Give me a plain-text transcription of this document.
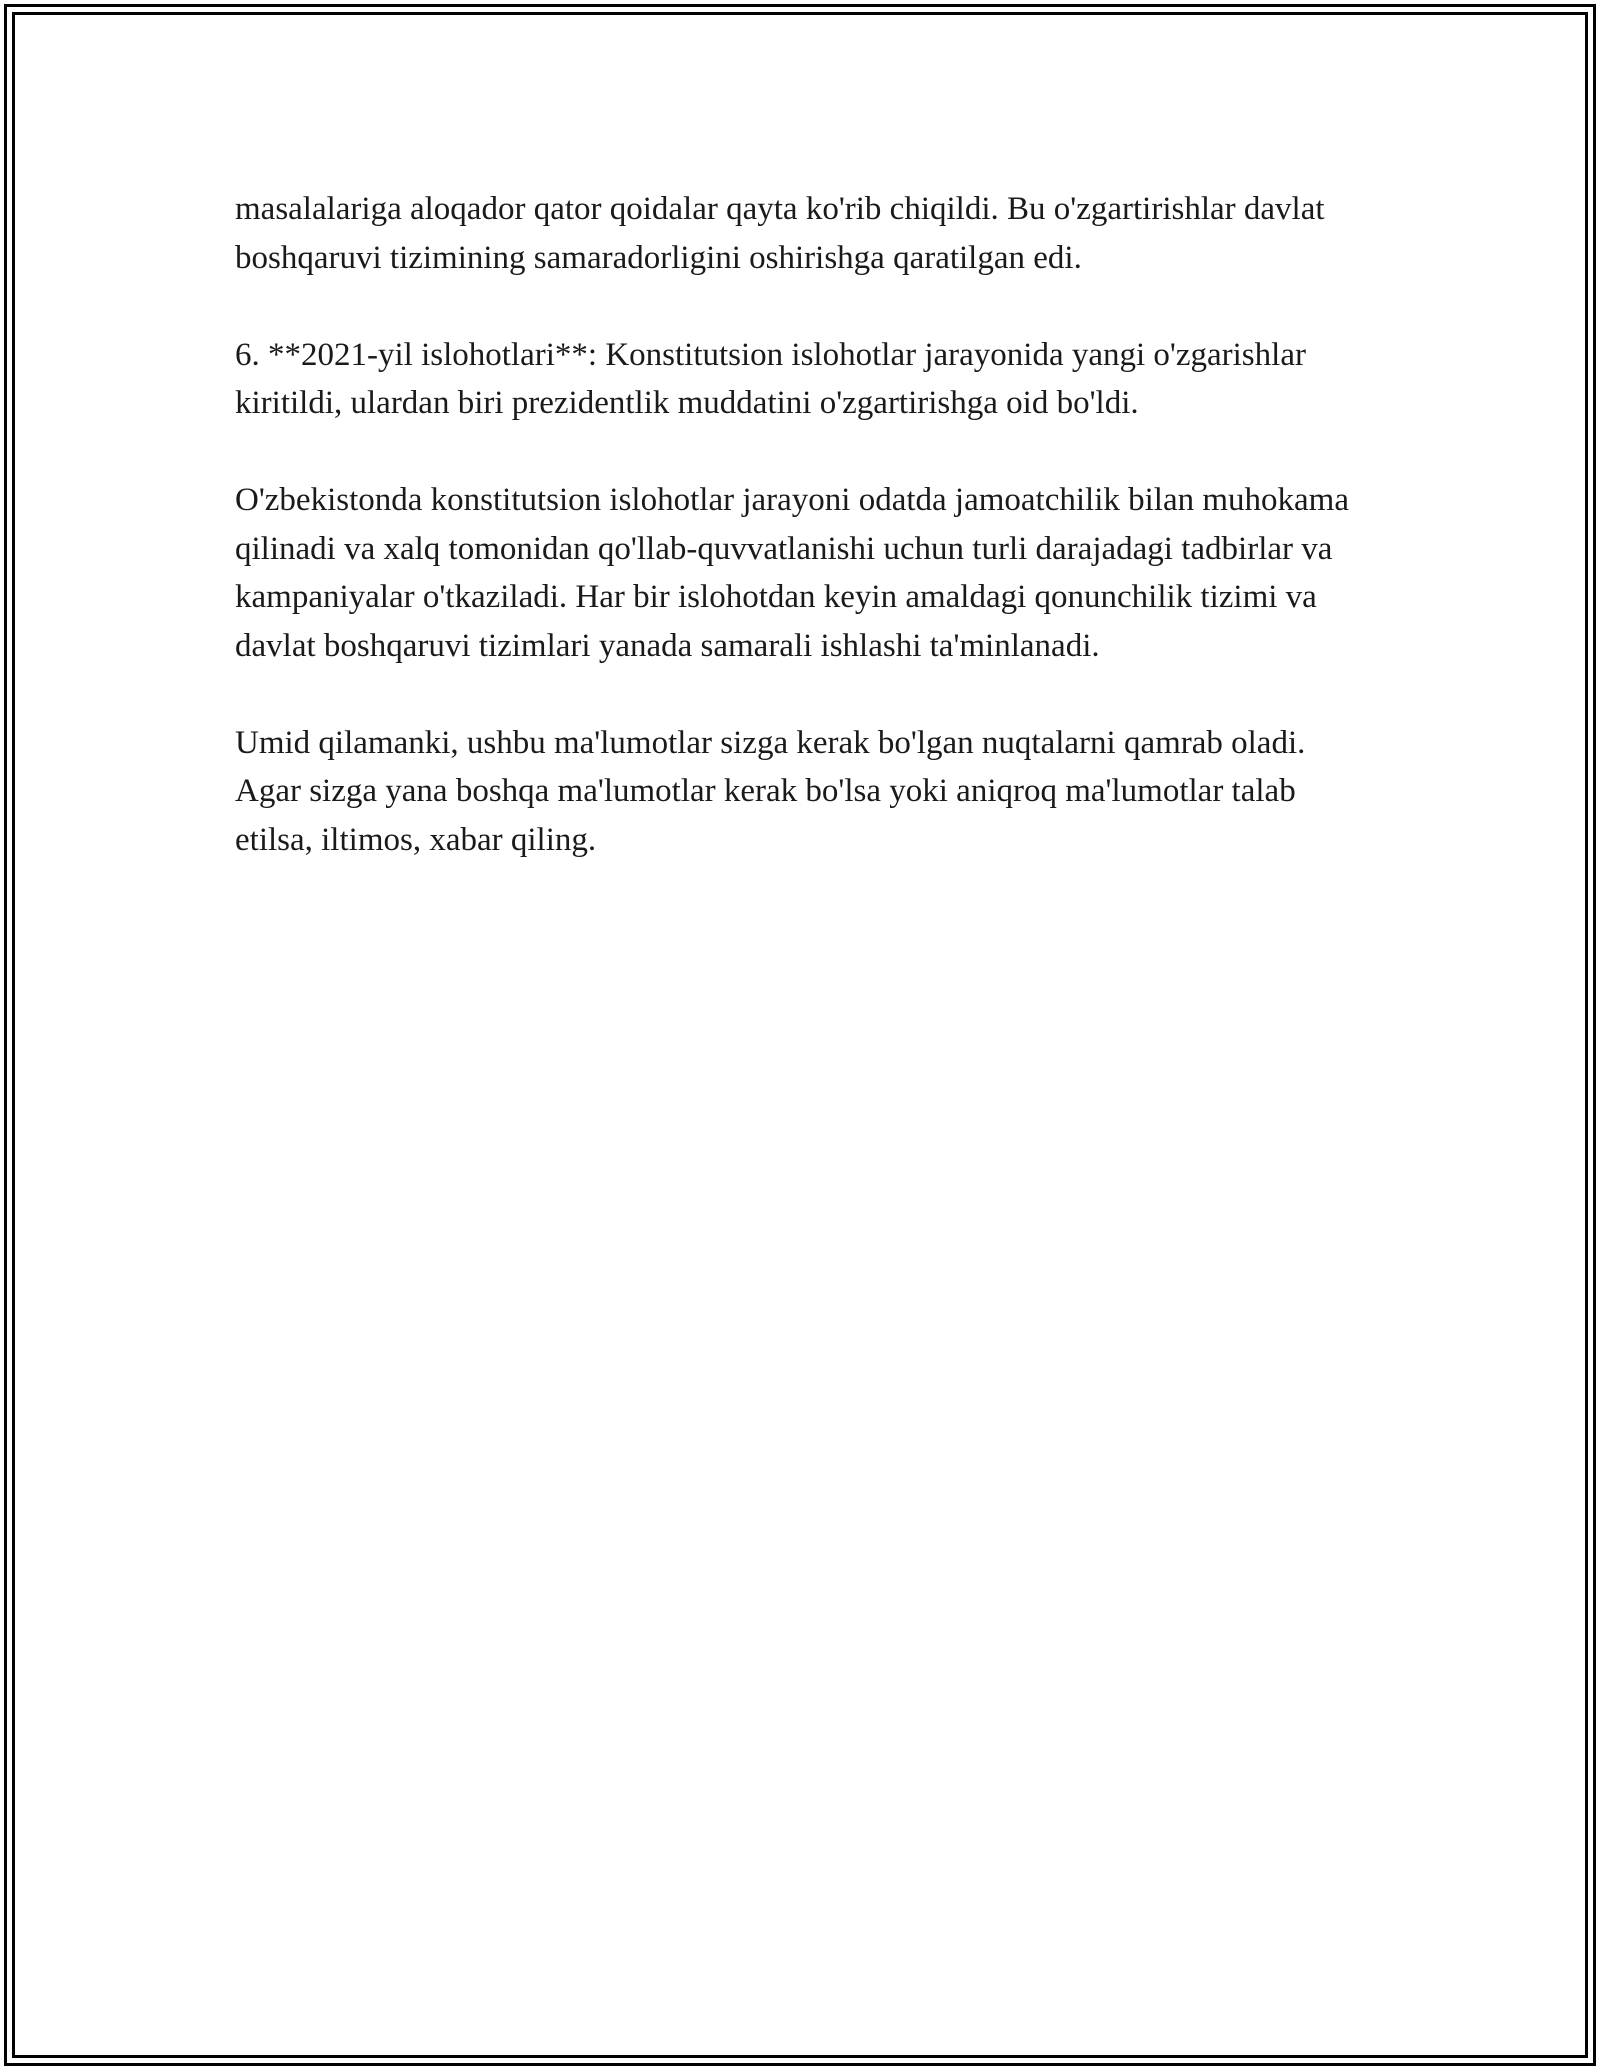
masalalariga aloqador qator qoidalar qayta ko'rib chiqildi. Bu o'zgartirishlar davlat boshqaruvi tizimining samaradorligini oshirishga qaratilgan edi.

6. **2021-yil islohotlari**: Konstitutsion islohotlar jarayonida yangi o'zgarishlar kiritildi, ulardan biri prezidentlik muddatini o'zgartirishga oid bo'ldi.

O'zbekistonda konstitutsion islohotlar jarayoni odatda jamoatchilik bilan muhokama qilinadi va xalq tomonidan qo'llab-quvvatlanishi uchun turli darajadagi tadbirlar va kampaniyalar o'tkaziladi. Har bir islohotdan keyin amaldagi qonunchilik tizimi va davlat boshqaruvi tizimlari yanada samarali ishlashi ta'minlanadi.

Umid qilamanki, ushbu ma'lumotlar sizga kerak bo'lgan nuqtalarni qamrab oladi. Agar sizga yana boshqa ma'lumotlar kerak bo'lsa yoki aniqroq ma'lumotlar talab etilsa, iltimos, xabar qiling.
